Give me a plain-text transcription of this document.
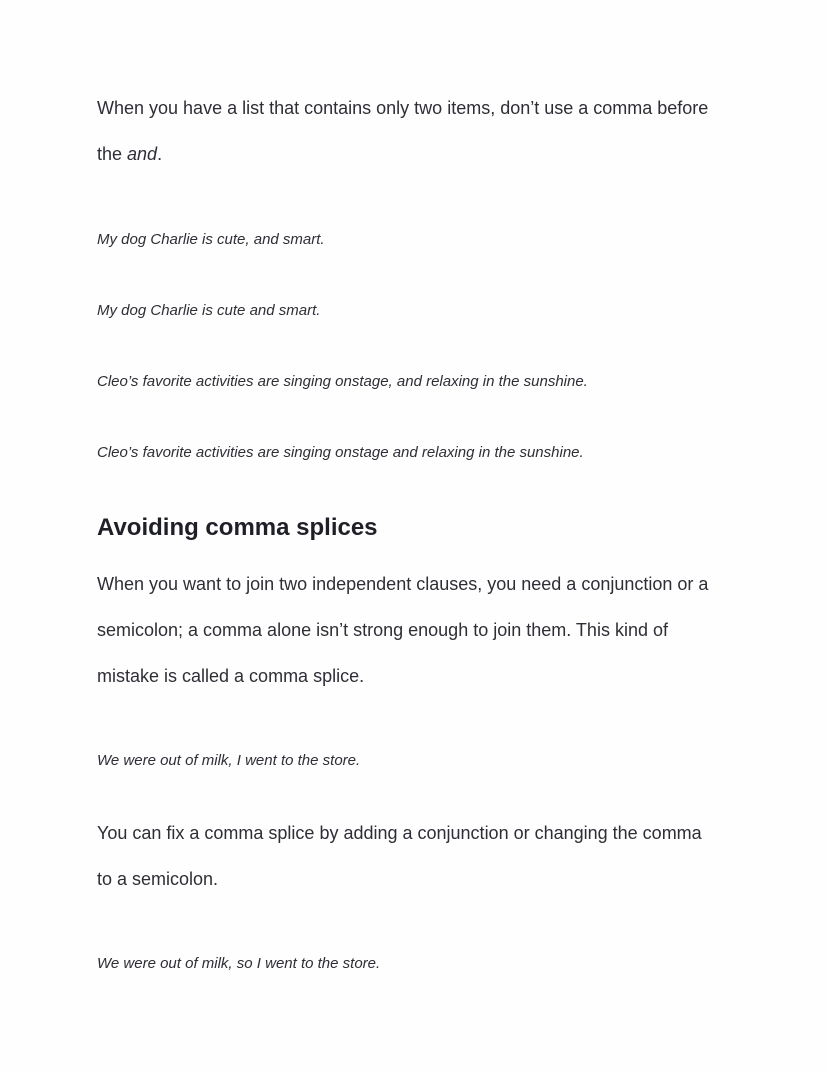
When you have a list that contains only two items, don’t use a comma before
the and.

My dog Charlie is cute, and smart.

My dog Charlie is cute and smart.

Cleo’s favorite activities are singing onstage, and relaxing in the sunshine.

Cleo’s favorite activities are singing onstage and relaxing in the sunshine.

Avoiding comma splices

When you want to join two independent clauses, you need a conjunction or a
semicolon; a comma alone isn’t strong enough to join them. This kind of
mistake is called a comma splice.

We were out of milk, I went to the store.

You can fix a comma splice by adding a conjunction or changing the comma
to a semicolon.

We were out of milk, so I went to the store.
